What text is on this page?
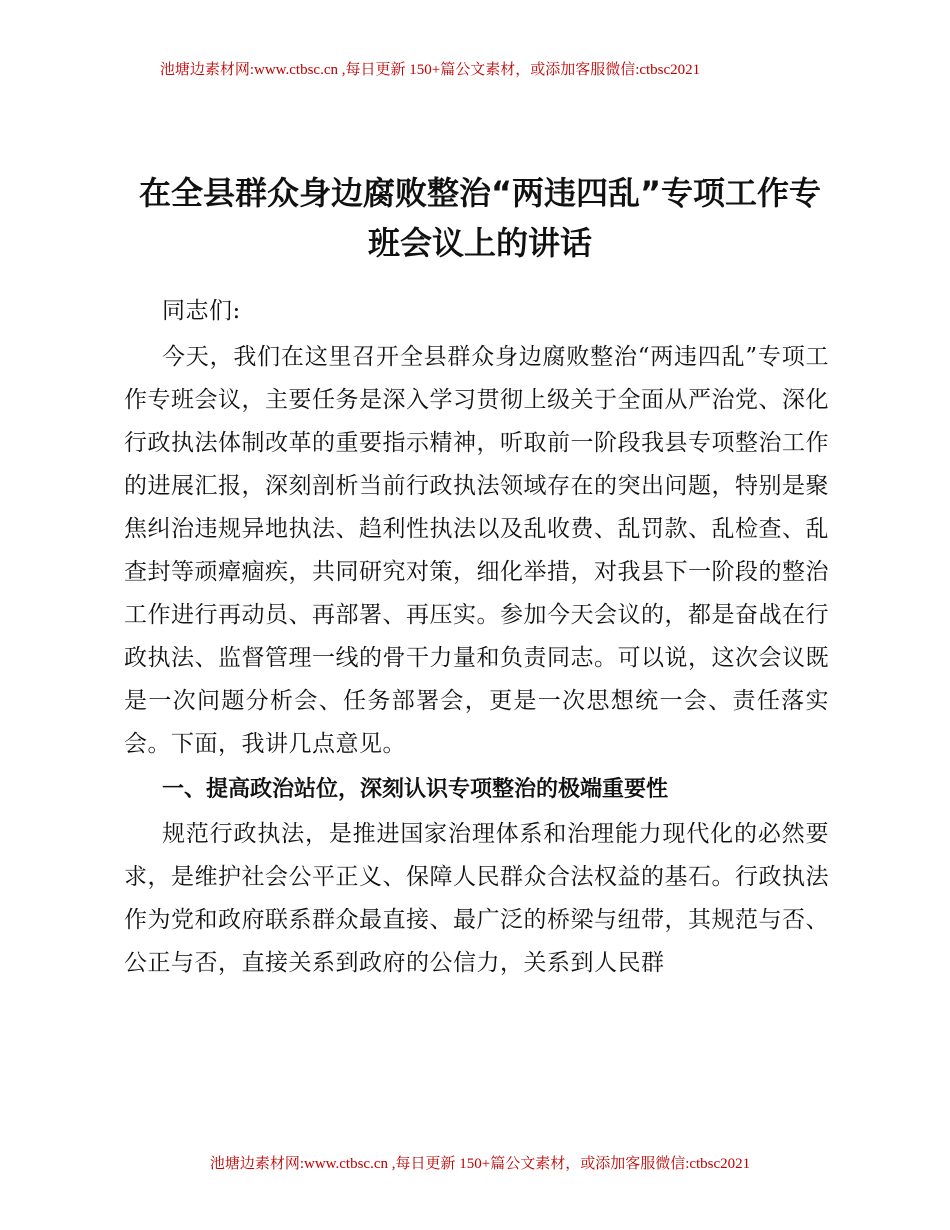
池塘边素材网:www.ctbsc.cn ,每日更新 150+篇公文素材，或添加客服微信:ctbsc2021
在全县群众身边腐败整治“两违四乱”专项工作专班会议上的讲话

同志们:

今天，我们在这里召开全县群众身边腐败整治“两违四乱”专项工作专班会议，主要任务是深入学习贯彻上级关于全面从严治党、深化行政执法体制改革的重要指示精神，听取前一阶段我县专项整治工作的进展汇报，深刻剖析当前行政执法领域存在的突出问题，特别是聚焦纠治违规异地执法、趋利性执法以及乱收费、乱罚款、乱检查、乱查封等顽瘴痼疾，共同研究对策，细化举措，对我县下一阶段的整治工作进行再动员、再部署、再压实。参加今天会议的，都是奋战在行政执法、监督管理一线的骨干力量和负责同志。可以说，这次会议既是一次问题分析会、任务部署会，更是一次思想统一会、责任落实会。下面，我讲几点意见。

一、提高政治站位，深刻认识专项整治的极端重要性

规范行政执法，是推进国家治理体系和治理能力现代化的必然要求，是维护社会公平正义、保障人民群众合法权益的基石。行政执法作为党和政府联系群众最直接、最广泛的桥梁与纽带，其规范与否、公正与否，直接关系到政府的公信力，关系到人民群

池塘边素材网:www.ctbsc.cn ,每日更新 150+篇公文素材，或添加客服微信:ctbsc2021
